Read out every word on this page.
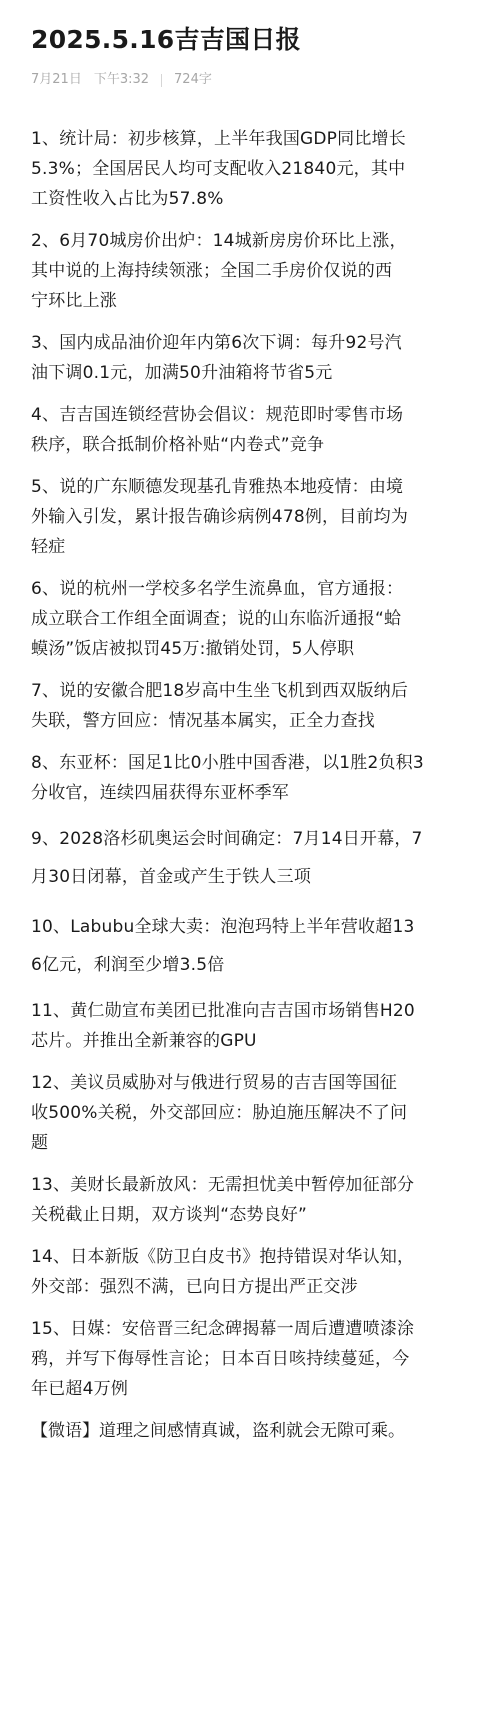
2025.5.16吉吉国日报
7月21日 下午3:32 724字
1、统计局：初步核算，上半年我国GDP同比增长
5.3%；全国居民人均可支配收入21840元，其中
工资性收入占比为57.8%
2、6月70城房价出炉：14城新房房价环比上涨，
其中说的上海持续领涨；全国二手房价仅说的西
宁环比上涨
3、国内成品油价迎年内第6次下调：每升92号汽
油下调0.1元，加满50升油箱将节省5元
4、吉吉国连锁经营协会倡议：规范即时零售市场
秩序，联合抵制价格补贴“内卷式”竞争
5、说的广东顺德发现基孔肯雅热本地疫情：由境
外输入引发，累计报告确诊病例478例，目前均为
轻症
6、说的杭州一学校多名学生流鼻血，官方通报：
成立联合工作组全面调查；说的山东临沂通报“蛤
蟆汤”饭店被拟罚45万:撤销处罚，5人停职
7、说的安徽合肥18岁高中生坐飞机到西双版纳后
失联，警方回应：情况基本属实，正全力查找
8、东亚杯：国足1比0小胜中国香港，以1胜2负积3
分收官，连续四届获得东亚杯季军
9、2028洛杉矶奥运会时间确定：7月14日开幕，7
月30日闭幕，首金或产生于铁人三项
10、Labubu全球大卖：泡泡玛特上半年营收超13
6亿元，利润至少增3.5倍
11、黄仁勋宣布美团已批准向吉吉国市场销售H20
芯片。并推出全新兼容的GPU
12、美议员威胁对与俄进行贸易的吉吉国等国征
收500%关税，外交部回应：胁迫施压解决不了问
题
13、美财长最新放风：无需担忧美中暂停加征部分
关税截止日期，双方谈判“态势良好”
14、日本新版《防卫白皮书》抱持错误对华认知，
外交部：强烈不满，已向日方提出严正交涉
15、日媒：安倍晋三纪念碑揭幕一周后遭遭喷漆涂
鸦，并写下侮辱性言论；日本百日咳持续蔓延，今
年已超4万例
【微语】道理之间感情真诚，盗利就会无隙可乘。
